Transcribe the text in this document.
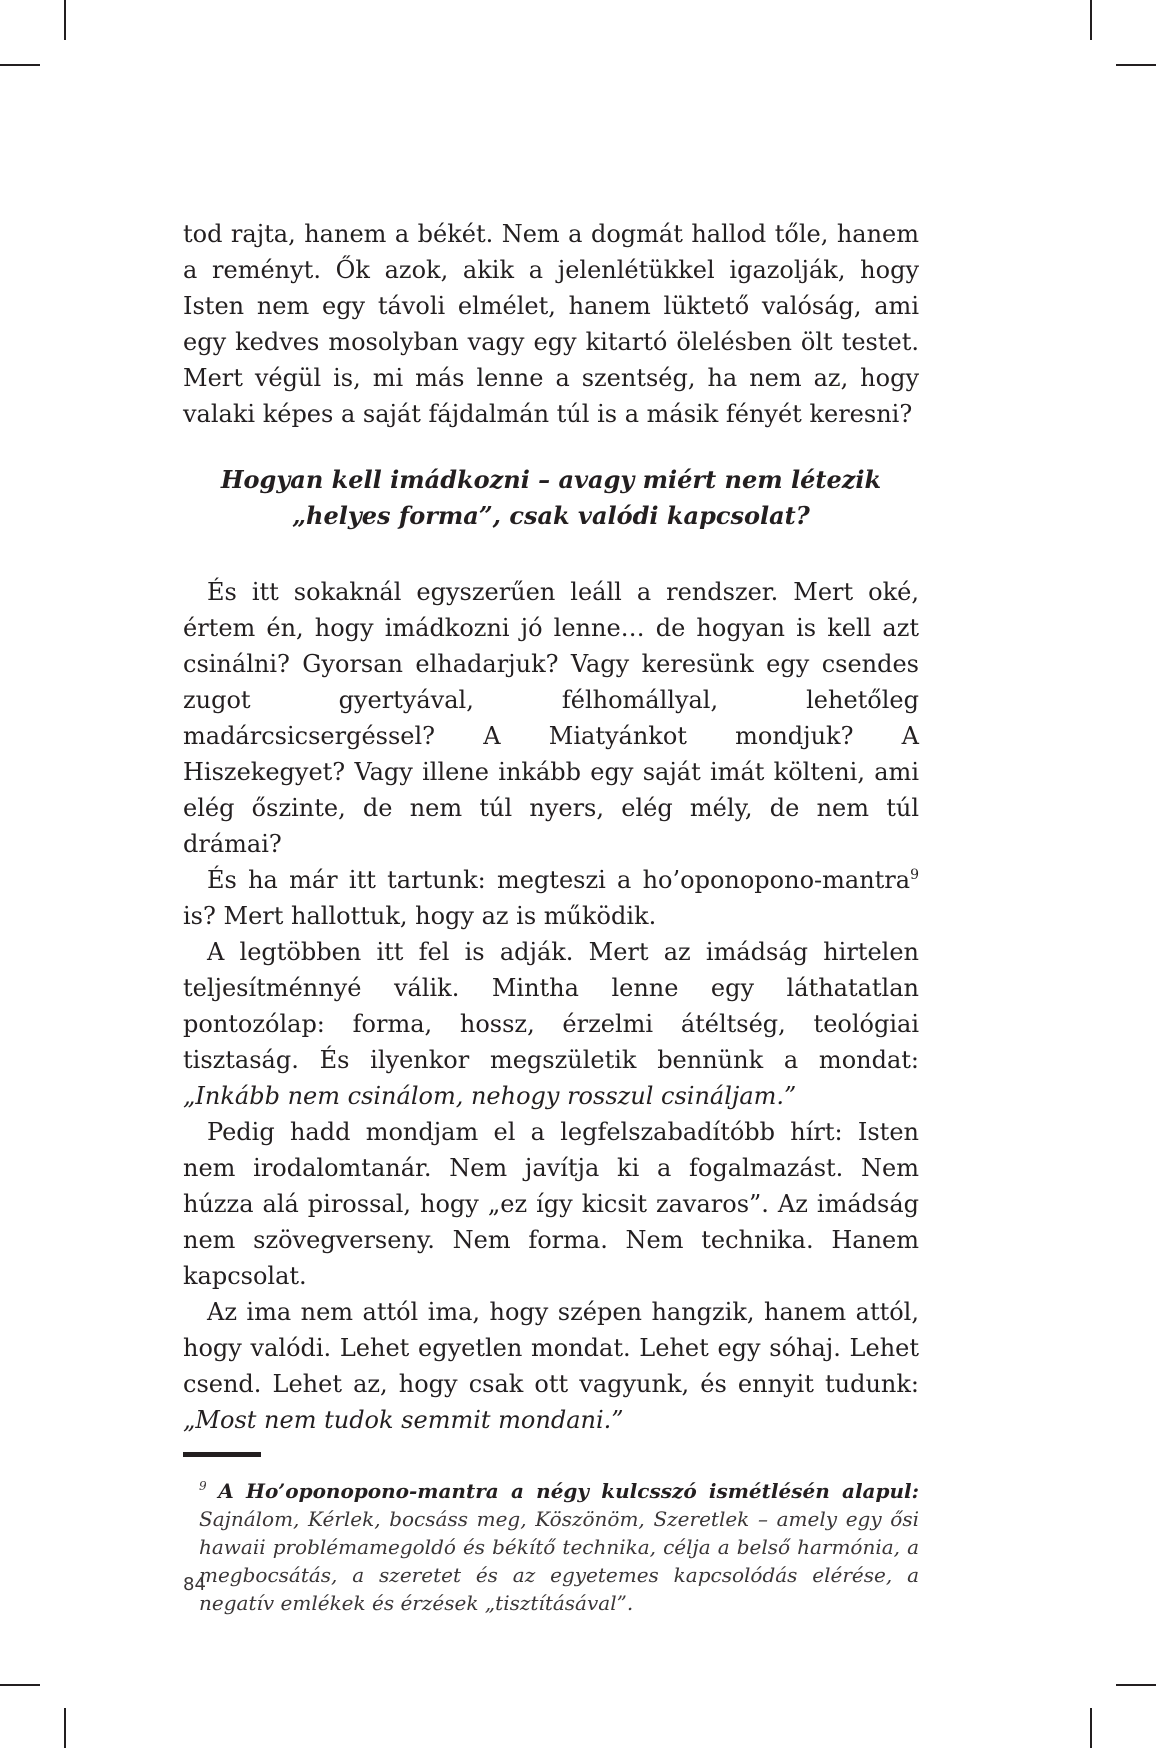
tod rajta, hanem a békét. Nem a dogmát hallod tőle, hanem a reményt. Ők azok, akik a jelenlétükkel igazolják, hogy Isten nem egy távoli elmélet, hanem lüktető valóság, ami egy kedves mosolyban vagy egy kitartó ölelésben ölt testet. Mert végül is, mi más lenne a szentség, ha nem az, hogy valaki képes a saját fájdalmán túl is a másik fényét keresni?

Hogyan kell imádkozni – avagy miért nem létezik
„helyes forma”, csak valódi kapcsolat?

És itt sokaknál egyszerűen leáll a rendszer. Mert oké, értem én, hogy imádkozni jó lenne… de hogyan is kell azt csinálni? Gyorsan elhadarjuk? Vagy keresünk egy csendes zugot gyertyával, félhomállyal, lehetőleg madárcsicsergéssel? A Miatyánkot mondjuk? A Hiszekegyet? Vagy illene inkább egy saját imát költeni, ami elég őszinte, de nem túl nyers, elég mély, de nem túl drámai?

És ha már itt tartunk: megteszi a ho’oponopono-mantra$^9$ is? Mert hallottuk, hogy az is működik.

A legtöbben itt fel is adják. Mert az imádság hirtelen teljesítménnyé válik. Mintha lenne egy láthatatlan pontozólap: forma, hossz, érzelmi átéltség, teológiai tisztaság. És ilyenkor megszületik bennünk a mondat: „Inkább nem csinálom, nehogy rosszul csináljam.”

Pedig hadd mondjam el a legfelszabadítóbb hírt: Isten nem irodalomtanár. Nem javítja ki a fogalmazást. Nem húzza alá pirossal, hogy „ez így kicsit zavaros”. Az imádság nem szövegverseny. Nem forma. Nem technika. Hanem kapcsolat.

Az ima nem attól ima, hogy szépen hangzik, hanem attól, hogy valódi. Lehet egyetlen mondat. Lehet egy sóhaj. Lehet csend. Lehet az, hogy csak ott vagyunk, és ennyit tudunk: „Most nem tudok semmit mondani.”

$^9$ A Ho’oponopono-mantra a négy kulcsszó ismétlésén alapul: Sajnálom, Kérlek, bocsáss meg, Köszönöm, Szeretlek – amely egy ősi hawaii problémamegoldó és békítő technika, célja a belső harmónia, a megbocsátás, a szeretet és az egyetemes kapcsolódás elérése, a negatív emlékek és érzések „tisztításával”.

84
